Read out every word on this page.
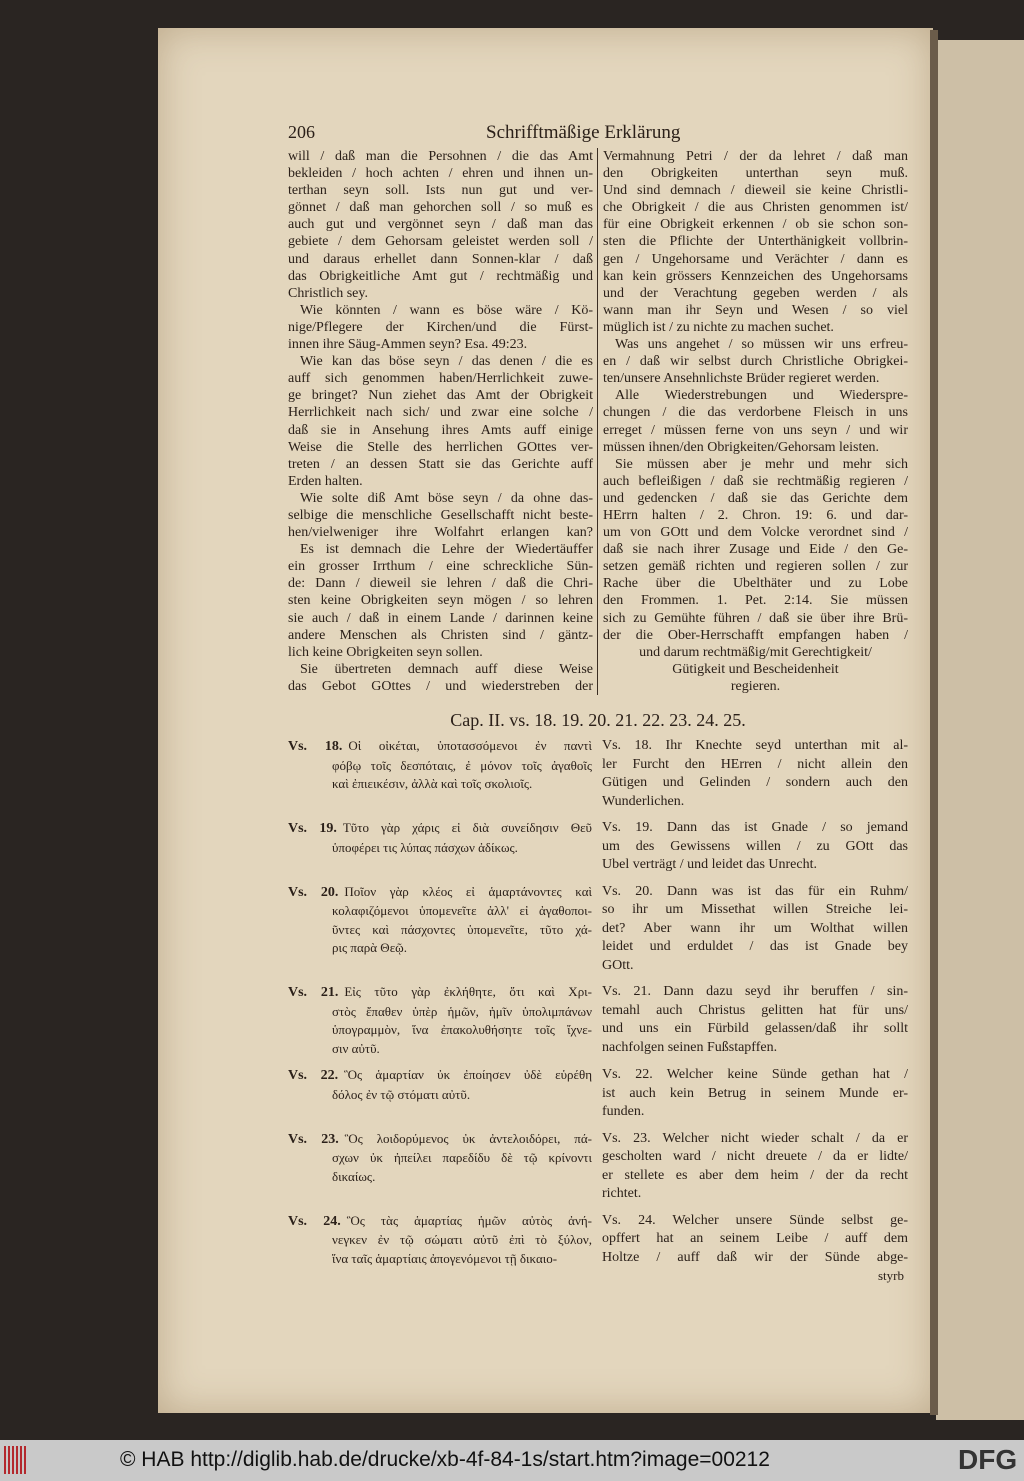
206	Schrifftmäßige Erklärung
will / daß man die Persohnen / die das Amt
bekleiden / hoch achten / ehren und ihnen un-
terthan seyn soll. Ists nun gut und ver-
gönnet / daß man gehorchen soll / so muß es
auch gut und vergönnet seyn / daß man das
gebiete / dem Gehorsam geleistet werden soll /
und daraus erhellet dann Sonnen-klar / daß
das Obrigkeitliche Amt gut / rechtmäßig und
Christlich sey.
Wie könnten / wann es böse wäre / Kö-
nige/Pflegere der Kirchen/und die Fürst-
innen ihre Säug-Ammen seyn? Esa. 49:23.
Wie kan das böse seyn / das denen / die es
auff sich genommen haben/Herrlichkeit zuwe-
ge bringet? Nun ziehet das Amt der Obrigkeit
Herrlichkeit nach sich/ und zwar eine solche /
daß sie in Ansehung ihres Amts auff einige
Weise die Stelle des herrlichen GOttes ver-
treten / an dessen Statt sie das Gerichte auff
Erden halten.
Wie solte diß Amt böse seyn / da ohne das-
selbige die menschliche Gesellschafft nicht beste-
hen/vielweniger ihre Wolfahrt erlangen kan?
Es ist demnach die Lehre der Wiedertäuffer
ein grosser Irrthum / eine schreckliche Sün-
de: Dann / dieweil sie lehren / daß die Chri-
sten keine Obrigkeiten seyn mögen / so lehren
sie auch / daß in einem Lande / darinnen keine
andere Menschen als Christen sind / gäntz-
lich keine Obrigkeiten seyn sollen.
Sie übertreten demnach auff diese Weise
das Gebot GOttes / und wiederstreben der
Vermahnung Petri / der da lehret / daß man
den Obrigkeiten unterthan seyn muß.
Und sind demnach / dieweil sie keine Christli-
che Obrigkeit / die aus Christen genommen ist/
für eine Obrigkeit erkennen / ob sie schon son-
sten die Pflichte der Unterthänigkeit vollbrin-
gen / Ungehorsame und Verächter / dann es
kan kein grössers Kennzeichen des Ungehorsams
und der Verachtung gegeben werden / als
wann man ihr Seyn und Wesen / so viel
müglich ist / zu nichte zu machen suchet.
Was uns angehet / so müssen wir uns erfreu-
en / daß wir selbst durch Christliche Obrigkei-
ten/unsere Ansehnlichste Brüder regieret werden.
Alle Wiederstrebungen und Wiederspre-
chungen / die das verdorbene Fleisch in uns
erreget / müssen ferne von uns seyn / und wir
müssen ihnen/den Obrigkeiten/Gehorsam leisten.
Sie müssen aber je mehr und mehr sich
auch befleißigen / daß sie rechtmäßig regieren /
und gedencken / daß sie das Gerichte dem
HErrn halten / 2. Chron. 19: 6. und dar-
um von GOtt und dem Volcke verordnet sind /
daß sie nach ihrer Zusage und Eide / den Ge-
setzen gemäß richten und regieren sollen / zur
Rache über die Ubelthäter und zu Lobe
den Frommen. 1. Pet. 2:14. Sie müssen
sich zu Gemühte führen / daß sie über ihre Brü-
der die Ober-Herrschafft empfangen haben /
und darum rechtmäßig/mit Gerechtigkeit/
Gütigkeit und Bescheidenheit
regieren.
Cap. II. vs. 18. 19. 20. 21. 22. 23. 24. 25.
Vs. 18. Οἱ οἰκέται, ὑποτασσόμενοι ἐν παντὶ
φόβῳ τοῖς δεσπόταις, ἐ μόνον τοῖς ἀγαθοῖς
καὶ ἐπιεικέσιν, ἀλλὰ καὶ τοῖς σκολιοῖς.
Vs. 18. Ihr Knechte seyd unterthan mit al-
ler Furcht den HErren / nicht allein den
Gütigen und Gelinden / sondern auch den
Wunderlichen.
Vs. 19. Τῦτο γὰρ χάρις εἰ διὰ συνείδησιν Θεῦ
ὑποφέρει τις λύπας πάσχων ἀδίκως.
Vs. 19. Dann das ist Gnade / so jemand
um des Gewissens willen / zu GOtt das
Ubel verträgt / und leidet das Unrecht.
Vs. 20. Ποῖον γὰρ κλέος εἰ ἁμαρτάνοντες καὶ
κολαφιζόμενοι ὑπομενεῖτε ἀλλ' εἰ ἀγαθοποι-
ῦντες καὶ πάσχοντες ὑπομενεῖτε, τῦτο χά-
ρις παρὰ Θεῷ.
Vs. 20. Dann was ist das für ein Ruhm/
so ihr um Missethat willen Streiche lei-
det? Aber wann ihr um Wolthat willen
leidet und erduldet / das ist Gnade bey
GOtt.
Vs. 21. Εἰς τῦτο γὰρ ἐκλήθητε, ὅτι καὶ Χρι-
στὸς ἔπαθεν ὑπὲρ ἡμῶν, ἡμῖν ὑπολιμπάνων
ὑπογραμμὸν, ἵνα ἐπακολυθήσητε τοῖς ἴχνε-
σιν αὐτῦ.
Vs. 21. Dann dazu seyd ihr beruffen / sin-
temahl auch Christus gelitten hat für uns/
und uns ein Fürbild gelassen/daß ihr sollt
nachfolgen seinen Fußstapffen.
Vs. 22. Ὃς ἁμαρτίαν ὐκ ἐποίησεν ὐδὲ εὑρέθη
δόλος ἐν τῷ στόματι αὐτῦ.
Vs. 22. Welcher keine Sünde gethan hat /
ist auch kein Betrug in seinem Munde er-
funden.
Vs. 23. Ὃς λοιδορύμενος ὐκ ἀντελοιδόρει, πά-
σχων ὐκ ἠπείλει παρεδίδυ δὲ τῷ κρίνοντι
δικαίως.
Vs. 23. Welcher nicht wieder schalt / da er
gescholten ward / nicht dreuete / da er lidte/
er stellete es aber dem heim / der da recht
richtet.
Vs. 24. Ὃς τὰς ἁμαρτίας ἡμῶν αὐτὸς ἀνή-
νεγκεν ἐν τῷ σώματι αὐτῦ ἐπὶ τὸ ξύλον,
ἵνα ταῖς ἁμαρτίαις ἀπογενόμενοι τῇ δικαιο-
Vs. 24. Welcher unsere Sünde selbst ge-
opffert hat an seinem Leibe / auff dem
Holtze / auff daß wir der Sünde abge-
styrb
© HAB http://diglib.hab.de/drucke/xb-4f-84-1s/start.htm?image=00212	DFG
